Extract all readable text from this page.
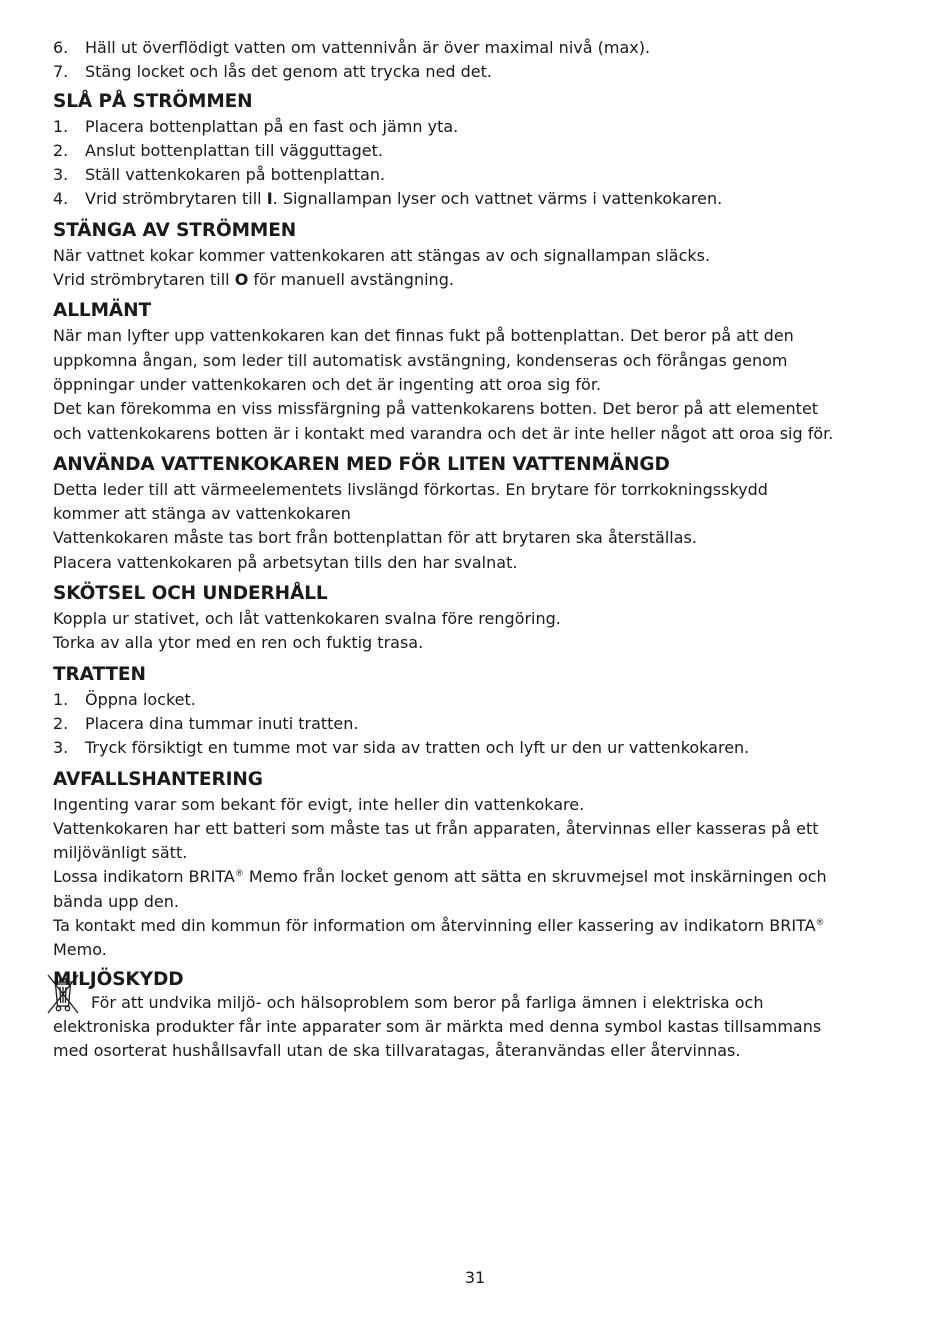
6.	Häll ut överflödigt vatten om vattennivån är över maximal nivå (max).
7.	Stäng locket och lås det genom att trycka ned det.
SLÅ PÅ STRÖMMEN
1.	Placera bottenplattan på en fast och jämn yta.
2.	Anslut bottenplattan till vägguttaget.
3.	Ställ vattenkokaren på bottenplattan.
4.	Vrid strömbrytaren till I. Signallampan lyser och vattnet värms i vattenkokaren.
STÄNGA AV STRÖMMEN
När vattnet kokar kommer vattenkokaren att stängas av och signallampan släcks.
Vrid strömbrytaren till O för manuell avstängning.
ALLMÄNT
När man lyfter upp vattenkokaren kan det finnas fukt på bottenplattan. Det beror på att den
uppkomna ångan, som leder till automatisk avstängning, kondenseras och förångas genom
öppningar under vattenkokaren och det är ingenting att oroa sig för.
Det kan förekomma en viss missfärgning på vattenkokarens botten. Det beror på att elementet
och vattenkokarens botten är i kontakt med varandra och det är inte heller något att oroa sig för.
ANVÄNDA VATTENKOKAREN MED FÖR LITEN VATTENMÄNGD
Detta leder till att värmeelementets livslängd förkortas. En brytare för torrkokningsskydd
kommer att stänga av vattenkokaren
Vattenkokaren måste tas bort från bottenplattan för att brytaren ska återställas.
Placera vattenkokaren på arbetsytan tills den har svalnat.
SKÖTSEL OCH UNDERHÅLL
Koppla ur stativet, och låt vattenkokaren svalna före rengöring.
Torka av alla ytor med en ren och fuktig trasa.
TRATTEN
1.	Öppna locket.
2.	Placera dina tummar inuti tratten.
3.	Tryck försiktigt en tumme mot var sida av tratten och lyft ur den ur vattenkokaren.
AVFALLSHANTERING
Ingenting varar som bekant för evigt, inte heller din vattenkokare.
Vattenkokaren har ett batteri som måste tas ut från apparaten, återvinnas eller kasseras på ett
miljövänligt sätt.
Lossa indikatorn BRITA® Memo från locket genom att sätta en skruvmejsel mot inskärningen och
bända upp den.
Ta kontakt med din kommun för information om återvinning eller kassering av indikatorn BRITA®
Memo.
MILJÖSKYDD
För att undvika miljö- och hälsoproblem som beror på farliga ämnen i elektriska och
elektroniska produkter får inte apparater som är märkta med denna symbol kastas tillsammans
med osorterat hushållsavfall utan de ska tillvaratagas, återanvändas eller återvinnas.
31
